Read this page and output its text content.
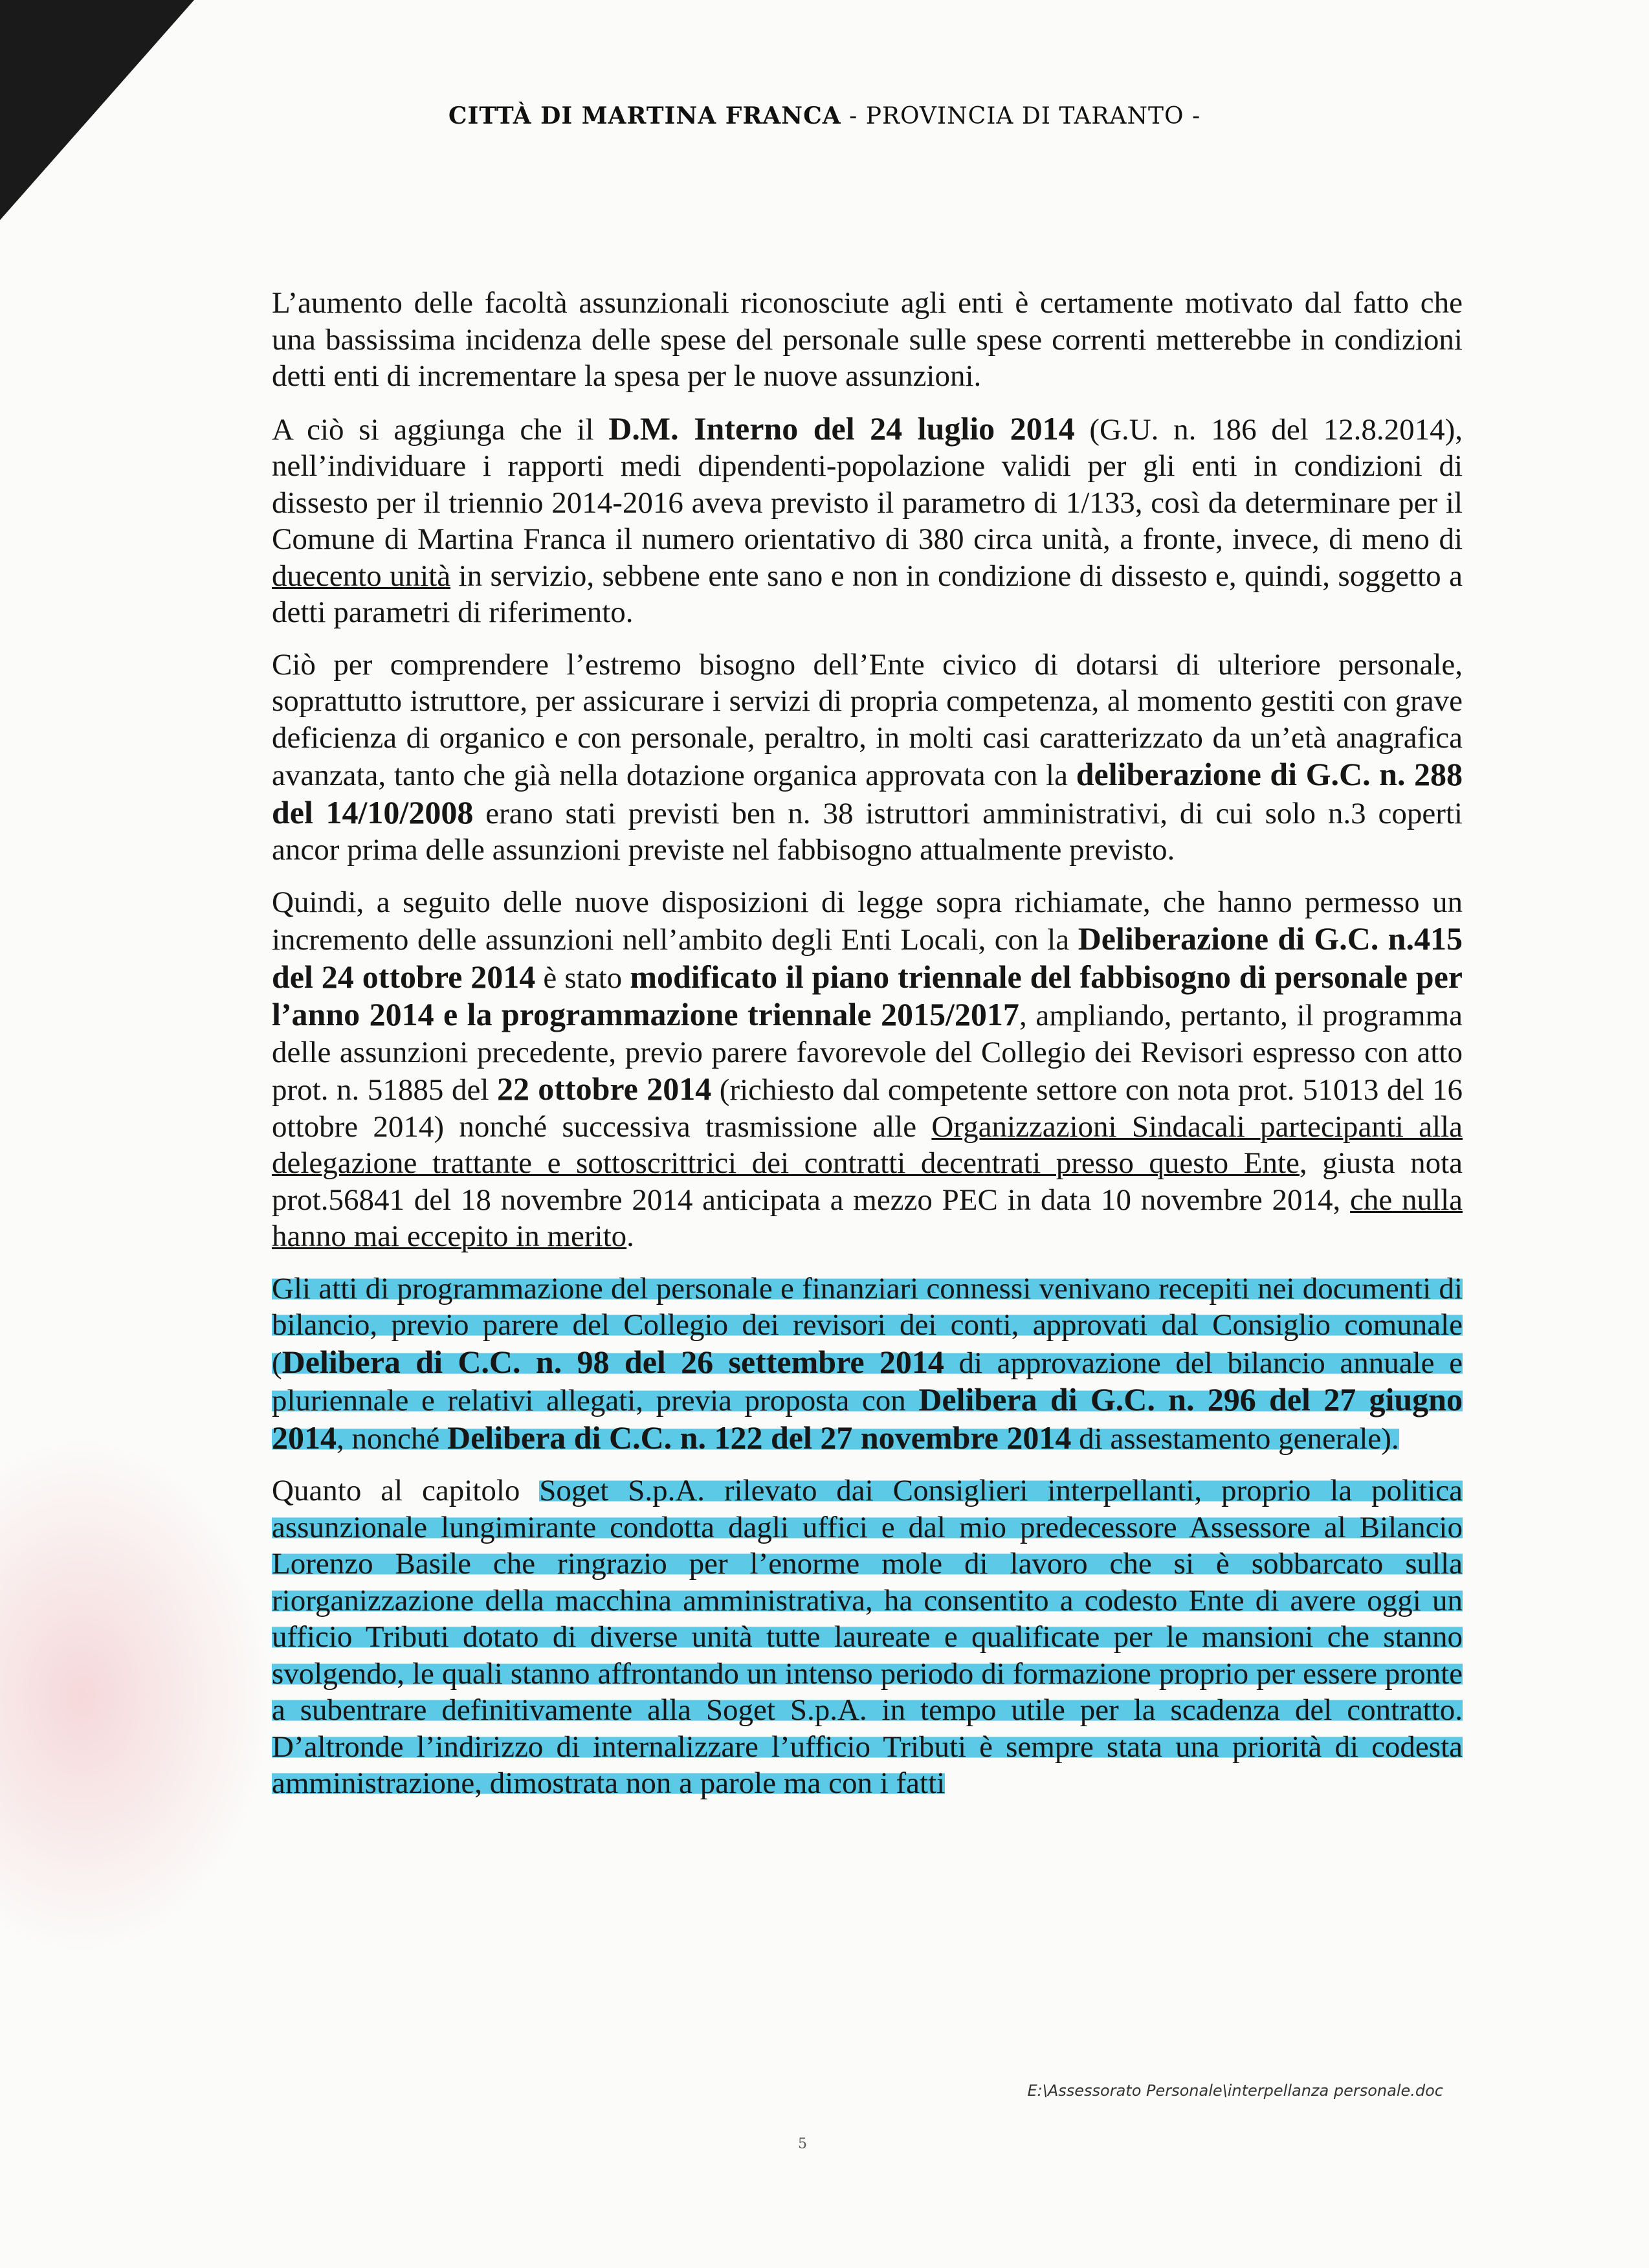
CITTÀ DI MARTINA FRANCA - PROVINCIA DI TARANTO -

L’aumento delle facoltà assunzionali riconosciute agli enti è certamente motivato dal fatto che una bassissima incidenza delle spese del personale sulle spese correnti metterebbe in condizioni detti enti di incrementare la spesa per le nuove assunzioni.

A ciò si aggiunga che il D.M. Interno del 24 luglio 2014 (G.U. n. 186 del 12.8.2014), nell’individuare i rapporti medi dipendenti-popolazione validi per gli enti in condizioni di dissesto per il triennio 2014-2016 aveva previsto il parametro di 1/133, così da determinare per il Comune di Martina Franca il numero orientativo di 380 circa unità, a fronte, invece, di meno di duecento unità in servizio, sebbene ente sano e non in condizione di dissesto e, quindi, soggetto a detti parametri di riferimento.

Ciò per comprendere l’estremo bisogno dell’Ente civico di dotarsi di ulteriore personale, soprattutto istruttore, per assicurare i servizi di propria competenza, al momento gestiti con grave deficienza di organico e con personale, peraltro, in molti casi caratterizzato da un’età anagrafica avanzata, tanto che già nella dotazione organica approvata con la deliberazione di G.C. n. 288 del 14/10/2008 erano stati previsti ben n. 38 istruttori amministrativi, di cui solo n.3 coperti ancor prima delle assunzioni previste nel fabbisogno attualmente previsto.

Quindi, a seguito delle nuove disposizioni di legge sopra richiamate, che hanno permesso un incremento delle assunzioni nell’ambito degli Enti Locali, con la Deliberazione di G.C. n.415 del 24 ottobre 2014 è stato modificato il piano triennale del fabbisogno di personale per l’anno 2014 e la programmazione triennale 2015/2017, ampliando, pertanto, il programma delle assunzioni precedente, previo parere favorevole del Collegio dei Revisori espresso con atto prot. n. 51885 del 22 ottobre 2014 (richiesto dal competente settore con nota prot. 51013 del 16 ottobre 2014) nonché successiva trasmissione alle Organizzazioni Sindacali partecipanti alla delegazione trattante e sottoscrittrici dei contratti decentrati presso questo Ente, giusta nota prot.56841 del 18 novembre 2014 anticipata a mezzo PEC in data 10 novembre 2014, che nulla hanno mai eccepito in merito.

Gli atti di programmazione del personale e finanziari connessi venivano recepiti nei documenti di bilancio, previo parere del Collegio dei revisori dei conti, approvati dal Consiglio comunale (Delibera di C.C. n. 98 del 26 settembre 2014 di approvazione del bilancio annuale e pluriennale e relativi allegati, previa proposta con Delibera di G.C. n. 296 del 27 giugno 2014, nonché Delibera di C.C. n. 122 del 27 novembre 2014 di assestamento generale).

Quanto al capitolo Soget S.p.A. rilevato dai Consiglieri interpellanti, proprio la politica assunzionale lungimirante condotta dagli uffici e dal mio predecessore Assessore al Bilancio Lorenzo Basile che ringrazio per l’enorme mole di lavoro che si è sobbarcato sulla riorganizzazione della macchina amministrativa, ha consentito a codesto Ente di avere oggi un ufficio Tributi dotato di diverse unità tutte laureate e qualificate per le mansioni che stanno svolgendo, le quali stanno affrontando un intenso periodo di formazione proprio per essere pronte a subentrare definitivamente alla Soget S.p.A. in tempo utile per la scadenza del contratto. D’altronde l’indirizzo di internalizzare l’ufficio Tributi è sempre stata una priorità di codesta amministrazione, dimostrata non a parole ma con i fatti

E:\Assessorato Personale\interpellanza personale.doc
5
